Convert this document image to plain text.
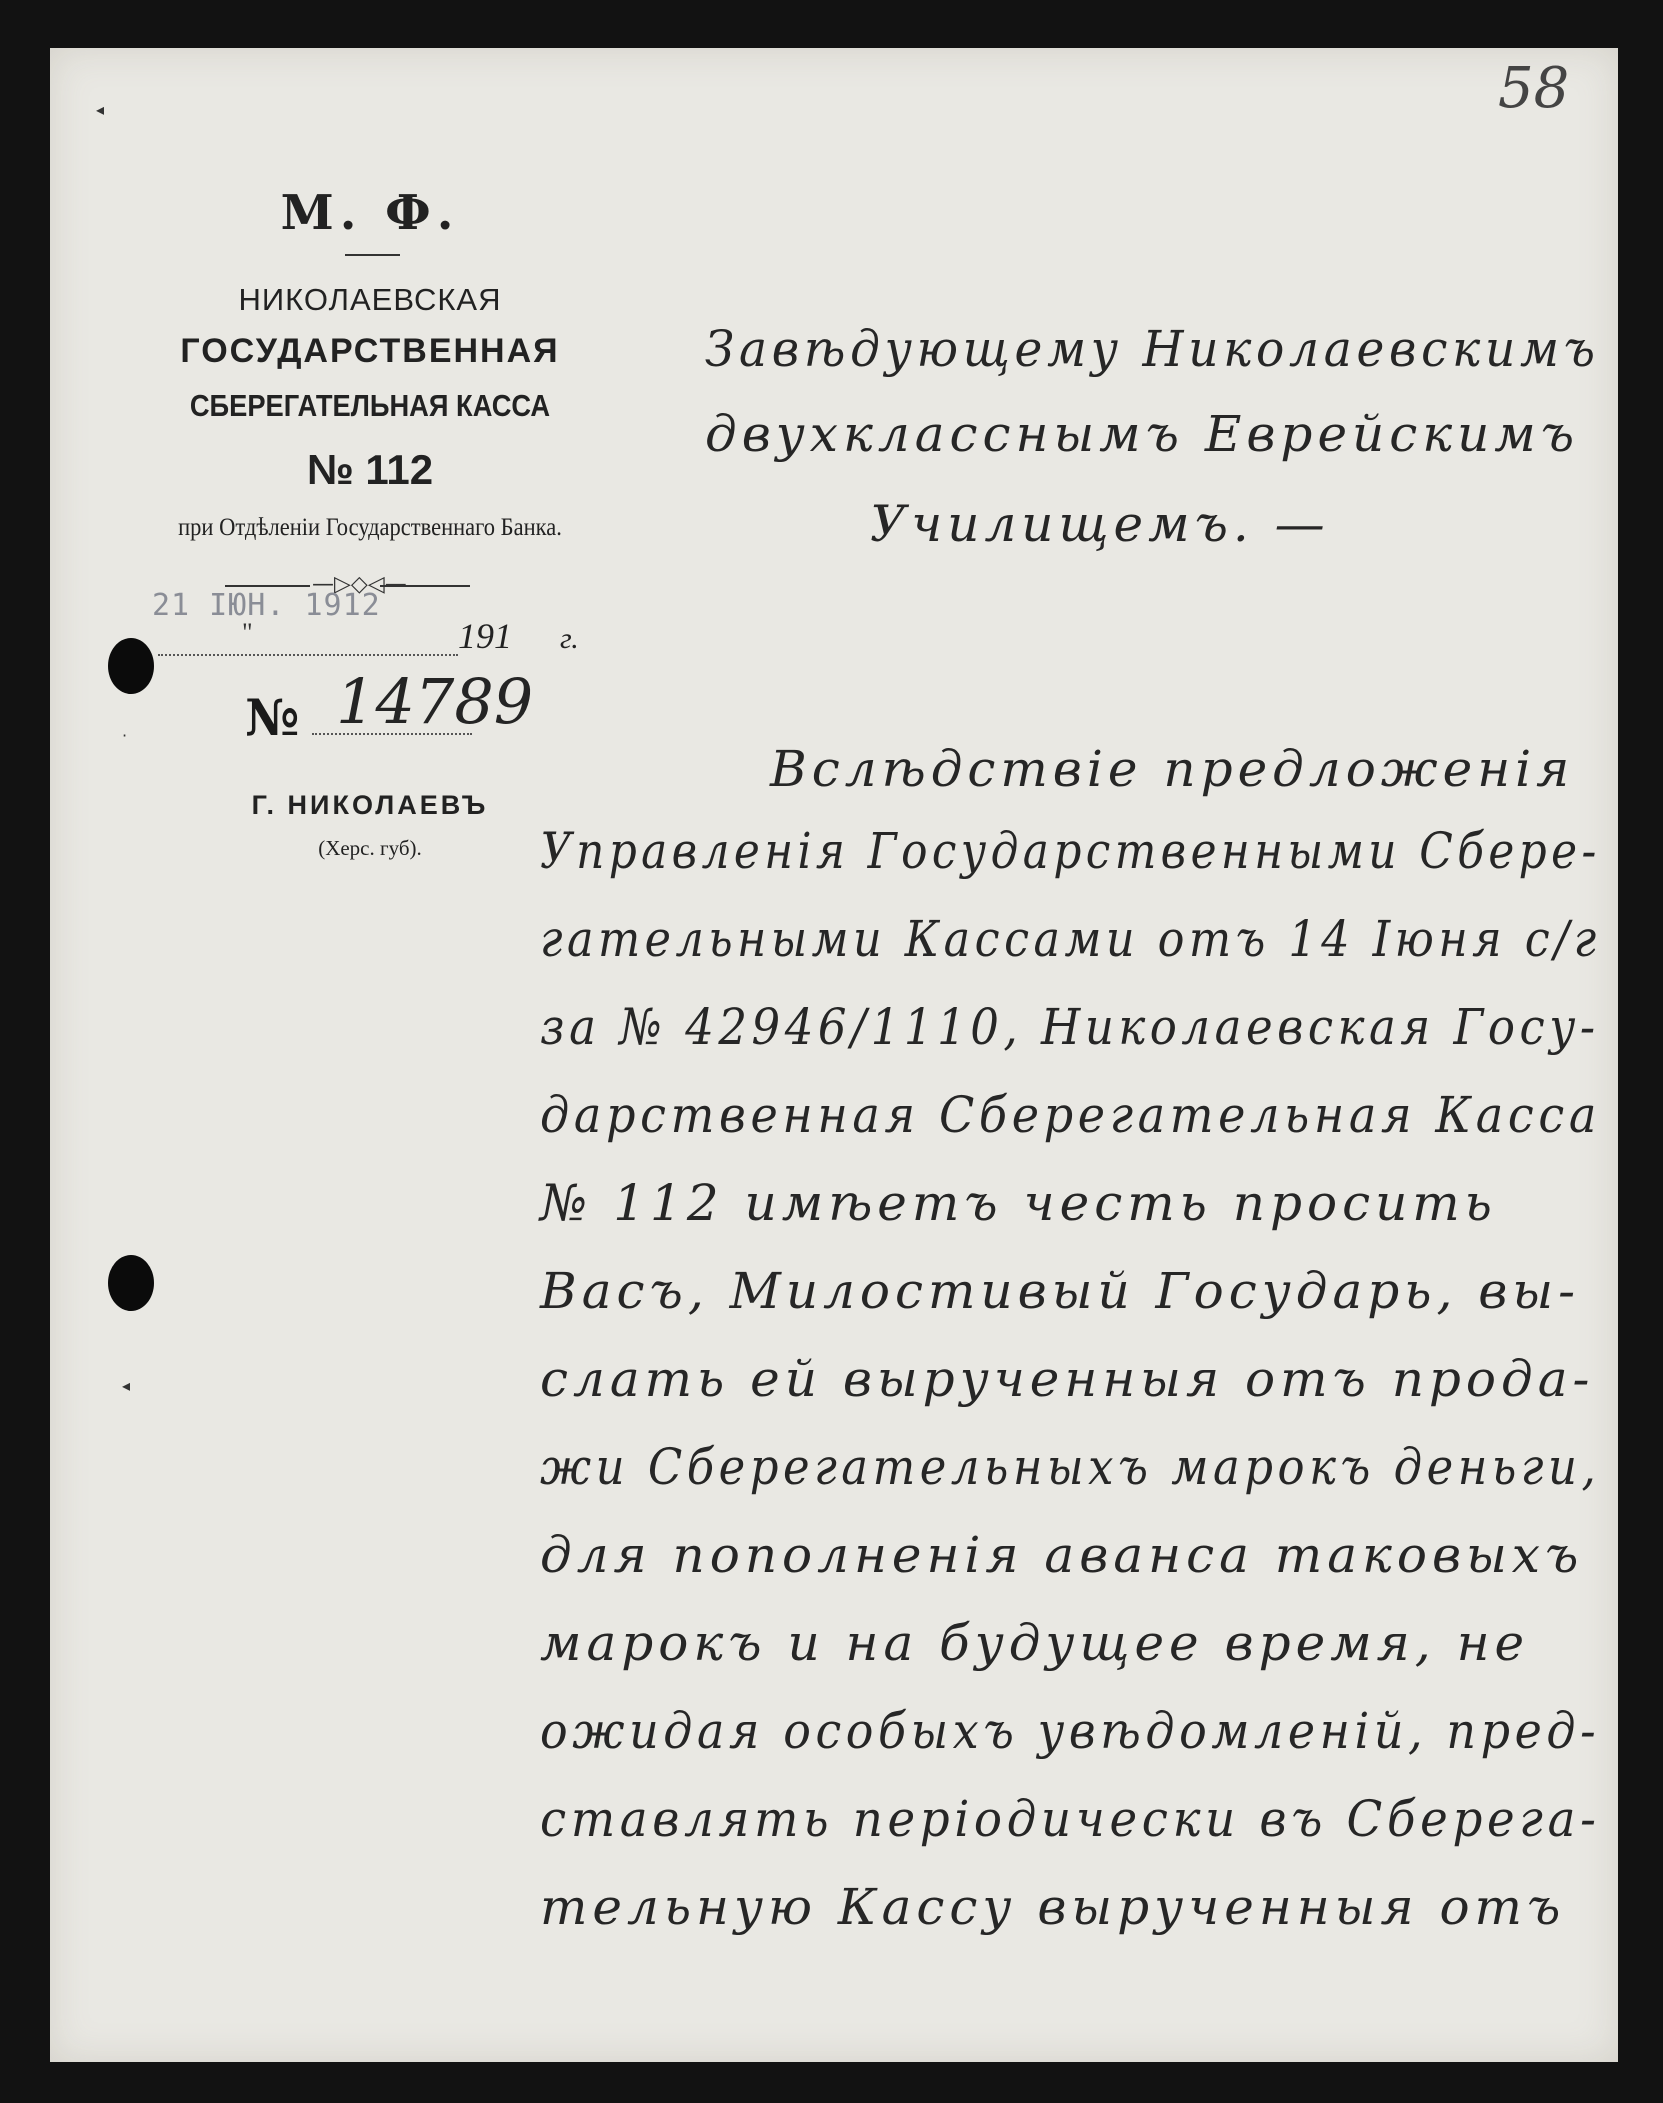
◂
·
◂
58
М. Ф.
НИКОЛАЕВСКАЯ
ГОСУДАРСТВЕННАЯ
СБЕРЕГАТЕЛЬНАЯ КАССА
№ 112
при Отдѣленіи Государственнаго Банка.
—▷◇◁—
21 ІЮН. 1912
"	191 г.
№ 14789
Г. НИКОЛАЕВЪ
(Херс. губ).
Завѣдующему Николаевскимъ
двухкласснымъ Еврейскимъ
Училищемъ. —
Вслѣдствіе предложенія
Управленія Государственными Сбере-
гательными Кассами отъ 14 Іюня с/г
за № 42946/1110, Николаевская Госу-
дарственная Сберегательная Касса
№ 112 имѣетъ честь просить
Васъ, Милостивый Государь, вы-
слать ей вырученныя отъ прода-
жи Сберегательныхъ марокъ деньги,
для пополненія аванса таковыхъ
марокъ и на будущее время, не
ожидая особыхъ увѣдомленій, пред-
ставлять періодически въ Сберега-
тельную Кассу вырученныя отъ
